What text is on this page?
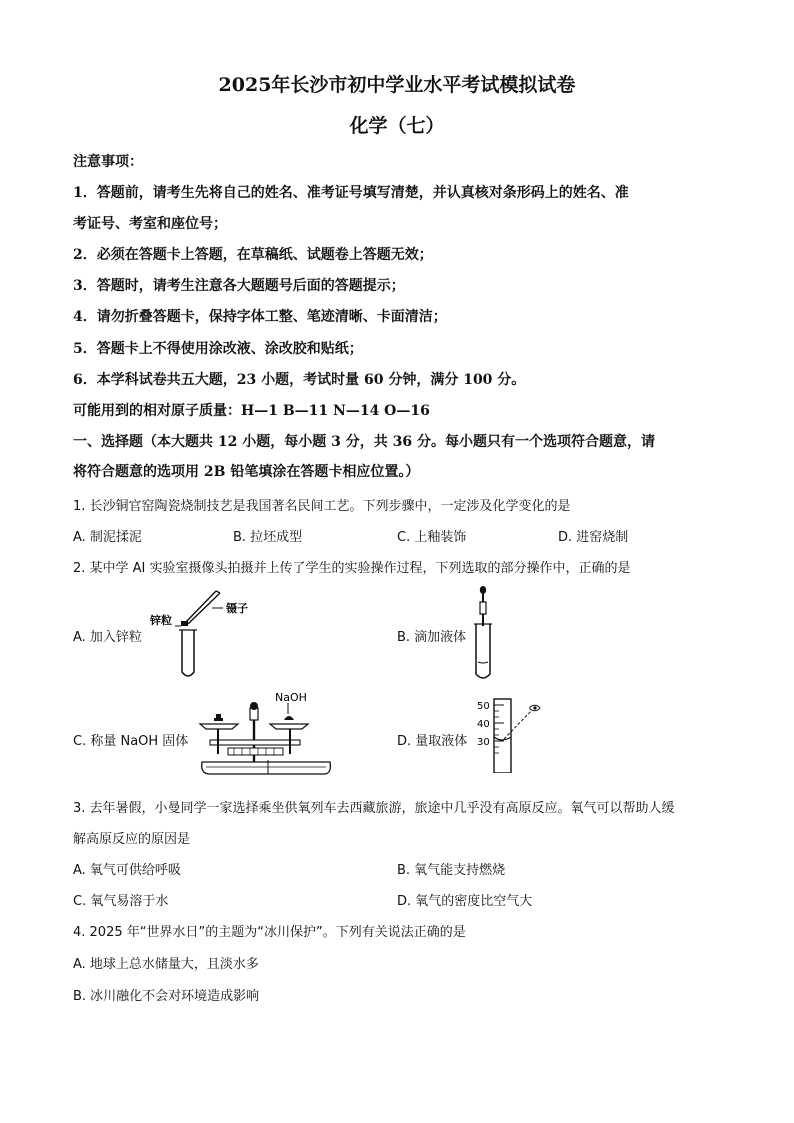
2025年长沙市初中学业水平考试模拟试卷
化学（七）
注意事项：
1．答题前，请考生先将自己的姓名、准考证号填写清楚，并认真核对条形码上的姓名、准
考证号、考室和座位号；
2．必须在答题卡上答题，在草稿纸、试题卷上答题无效；
3．答题时，请考生注意各大题题号后面的答题提示；
4．请勿折叠答题卡，保持字体工整、笔迹清晰、卡面清洁；
5．答题卡上不得使用涂改液、涂改胶和贴纸；
6．本学科试卷共五大题，23 小题，考试时量 60 分钟，满分 100 分。
可能用到的相对原子质量：H—1 B—11 N—14 O—16
一、选择题（本大题共 12 小题，每小题 3 分，共 36 分。每小题只有一个选项符合题意，请
将符合题意的选项用 2B 铅笔填涂在答题卡相应位置。）
1. 长沙铜官窑陶瓷烧制技艺是我国著名民间工艺。下列步骤中，一定涉及化学变化的是
A. 制泥揉泥	B. 拉坯成型	C. 上釉装饰	D. 进窑烧制
2. 某中学 AI 实验室摄像头拍摄并上传了学生的实验操作过程，下列选取的部分操作中，正确的是
A. 加入锌粒
锌粒
镊子
B. 滴加液体
C. 称量 NaOH 固体
NaOH
D. 量取液体
50
40
30
3. 去年暑假，小曼同学一家选择乘坐供氧列车去西藏旅游，旅途中几乎没有高原反应。氧气可以帮助人缓
解高原反应的原因是
A. 氧气可供给呼吸	B. 氧气能支持燃烧
C. 氧气易溶于水	D. 氧气的密度比空气大
4. 2025 年“世界水日”的主题为“冰川保护”。下列有关说法正确的是
A. 地球上总水储量大，且淡水多
B. 冰川融化不会对环境造成影响
